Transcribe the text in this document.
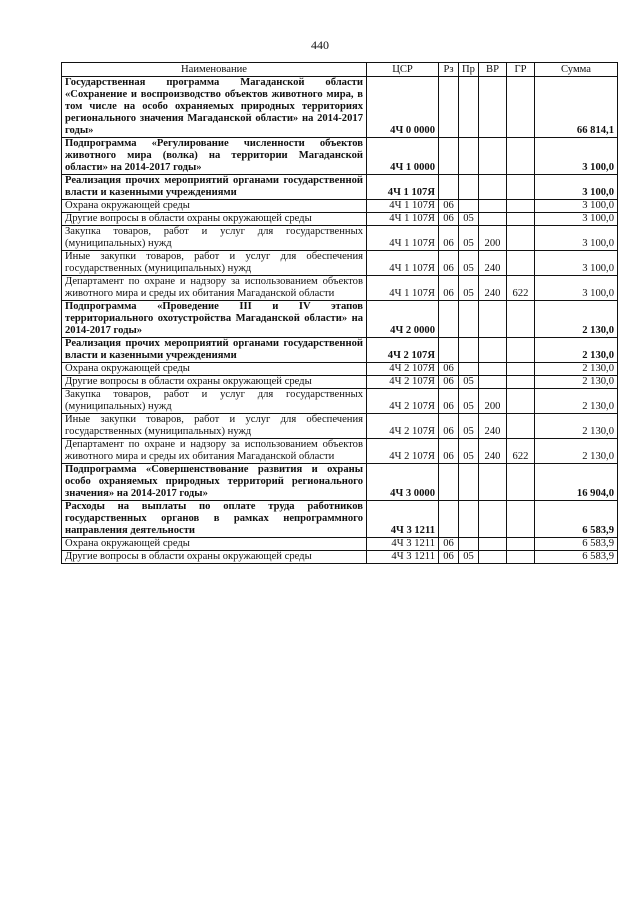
440
Наименование	ЦСР	Рз	Пр	ВР	ГР	Сумма
Государственная программа Магаданской области «Сохранение и воспроизводство объектов животного мира, в том числе на особо охраняемых природных территориях регионального значения Магаданской области» на 2014-2017 годы»	4Ч 0 0000					66 814,1
Подпрограмма «Регулирование численности объектов животного мира (волка) на территории Магаданской области» на 2014-2017 годы»	4Ч 1 0000					3 100,0
Реализация прочих мероприятий органами государственной власти и казенными учреждениями	4Ч 1 107Я					3 100,0
Охрана окружающей среды	4Ч 1 107Я	06				3 100,0
Другие вопросы в области охраны окружающей среды	4Ч 1 107Я	06	05			3 100,0
Закупка товаров, работ и услуг для государственных (муниципальных) нужд	4Ч 1 107Я	06	05	200		3 100,0
Иные закупки товаров, работ и услуг для обеспечения государственных (муниципальных) нужд	4Ч 1 107Я	06	05	240		3 100,0
Департамент по охране и надзору за использованием объектов животного мира и среды их обитания Магаданской области	4Ч 1 107Я	06	05	240	622	3 100,0
Подпрограмма «Проведение III и IV этапов территориального охотустройства Магаданской области» на 2014-2017 годы»	4Ч 2 0000					2 130,0
Реализация прочих мероприятий органами государственной власти и казенными учреждениями	4Ч 2 107Я					2 130,0
Охрана окружающей среды	4Ч 2 107Я	06				2 130,0
Другие вопросы в области охраны окружающей среды	4Ч 2 107Я	06	05			2 130,0
Закупка товаров, работ и услуг для государственных (муниципальных) нужд	4Ч 2 107Я	06	05	200		2 130,0
Иные закупки товаров, работ и услуг для обеспечения государственных (муниципальных) нужд	4Ч 2 107Я	06	05	240		2 130,0
Департамент по охране и надзору за использованием объектов животного мира и среды их обитания Магаданской области	4Ч 2 107Я	06	05	240	622	2 130,0
Подпрограмма «Совершенствование развития и охраны особо охраняемых природных территорий регионального значения» на 2014-2017 годы»	4Ч 3 0000					16 904,0
Расходы на выплаты по оплате труда работников государственных органов в рамках непрограммного направления деятельности	4Ч 3 1211					6 583,9
Охрана окружающей среды	4Ч 3 1211	06				6 583,9
Другие вопросы в области охраны окружающей среды	4Ч 3 1211	06	05			6 583,9
